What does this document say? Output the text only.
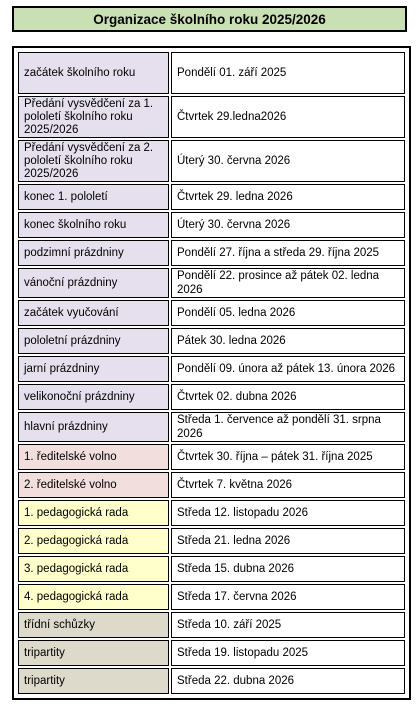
Organizace školního roku 2025/2026
začátek školního roku	Pondělí 01. září 2025
Předání vysvědčení za 1. pololetí školního roku 2025/2026	Čtvrtek 29.ledna2026
Předání vysvědčení za 2. pololetí školního roku 2025/2026	Úterý 30. června 2026
konec 1. pololetí	Čtvrtek 29. ledna 2026
konec školního roku	Úterý 30. června 2026
podzimní prázdniny	Pondělí 27. října a středa 29. října 2025
vánoční prázdniny	Pondělí 22. prosince až pátek 02. ledna 2026
začátek vyučování	Pondělí 05. ledna 2026
pololetní prázdniny	Pátek 30. ledna 2026
jarní prázdniny	Pondělí 09. února až pátek 13. února 2026
velikonoční prázdniny	Čtvrtek 02. dubna 2026
hlavní prázdniny	Středa 1. července až pondělí 31. srpna 2026
1. ředitelské volno	Čtvrtek 30. října – pátek 31. října 2025
2. ředitelské volno	Čtvrtek 7. května 2026
1. pedagogická rada	Středa 12. listopadu 2026
2. pedagogická rada	Středa 21. ledna 2026
3. pedagogická rada	Středa 15. dubna 2026
4. pedagogická rada	Středa 17. června 2026
třídní schůzky	Středa 10. září 2025
tripartity	Středa 19. listopadu 2025
tripartity	Středa 22. dubna 2026
